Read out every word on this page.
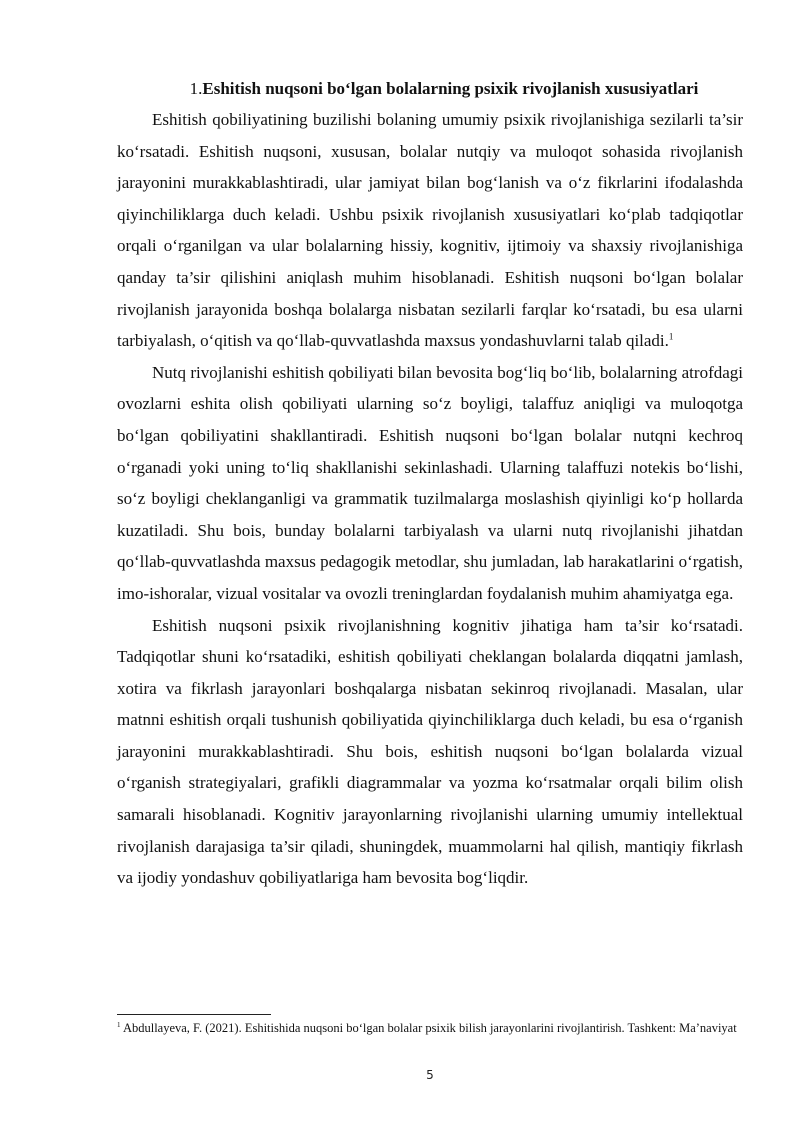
1.Eshitish nuqsoni bo‘lgan bolalarning psixik rivojlanish xususiyatlari

Eshitish qobiliyatining buzilishi bolaning umumiy psixik rivojlanishiga sezilarli ta’sir ko‘rsatadi. Eshitish nuqsoni, xususan, bolalar nutqiy va muloqot sohasida rivojlanish jarayonini murakkablashtiradi, ular jamiyat bilan bog‘lanish va o‘z fikrlarini ifodalashda qiyinchiliklarga duch keladi. Ushbu psixik rivojlanish xususiyatlari ko‘plab tadqiqotlar orqali o‘rganilgan va ular bolalarning hissiy, kognitiv, ijtimoiy va shaxsiy rivojlanishiga qanday ta’sir qilishini aniqlash muhim hisoblanadi. Eshitish nuqsoni bo‘lgan bolalar rivojlanish jarayonida boshqa bolalarga nisbatan sezilarli farqlar ko‘rsatadi, bu esa ularni tarbiyalash, o‘qitish va qo‘llab-quvvatlashda maxsus yondashuvlarni talab qiladi.$^1$

Nutq rivojlanishi eshitish qobiliyati bilan bevosita bog‘liq bo‘lib, bolalarning atrofdagi ovozlarni eshita olish qobiliyati ularning so‘z boyligi, talaffuz aniqligi va muloqotga bo‘lgan qobiliyatini shakllantiradi. Eshitish nuqsoni bo‘lgan bolalar nutqni kechroq o‘rganadi yoki uning to‘liq shakllanishi sekinlashadi. Ularning talaffuzi notekis bo‘lishi, so‘z boyligi cheklanganligi va grammatik tuzilmalarga moslashish qiyinligi ko‘p hollarda kuzatiladi. Shu bois, bunday bolalarni tarbiyalash va ularni nutq rivojlanishi jihatdan qo‘llab-quvvatlashda maxsus pedagogik metodlar, shu jumladan, lab harakatlarini o‘rgatish, imo-ishoralar, vizual vositalar va ovozli treninglardan foydalanish muhim ahamiyatga ega.

Eshitish nuqsoni psixik rivojlanishning kognitiv jihatiga ham ta’sir ko‘rsatadi. Tadqiqotlar shuni ko‘rsatadiki, eshitish qobiliyati cheklangan bolalarda diqqatni jamlash, xotira va fikrlash jarayonlari boshqalarga nisbatan sekinroq rivojlanadi. Masalan, ular matnni eshitish orqali tushunish qobiliyatida qiyinchiliklarga duch keladi, bu esa o‘rganish jarayonini murakkablashtiradi. Shu bois, eshitish nuqsoni bo‘lgan bolalarda vizual o‘rganish strategiyalari, grafikli diagrammalar va yozma ko‘rsatmalar orqali bilim olish samarali hisoblanadi. Kognitiv jarayonlarning rivojlanishi ularning umumiy intellektual rivojlanish darajasiga ta’sir qiladi, shuningdek, muammolarni hal qilish, mantiqiy fikrlash va ijodiy yondashuv qobiliyatlariga ham bevosita bog‘liqdir.

$^1$ Abdullayeva, F. (2021). Eshitishida nuqsoni bo‘lgan bolalar psixik bilish jarayonlarini rivojlantirish. Tashkent: Ma’naviyat

5
